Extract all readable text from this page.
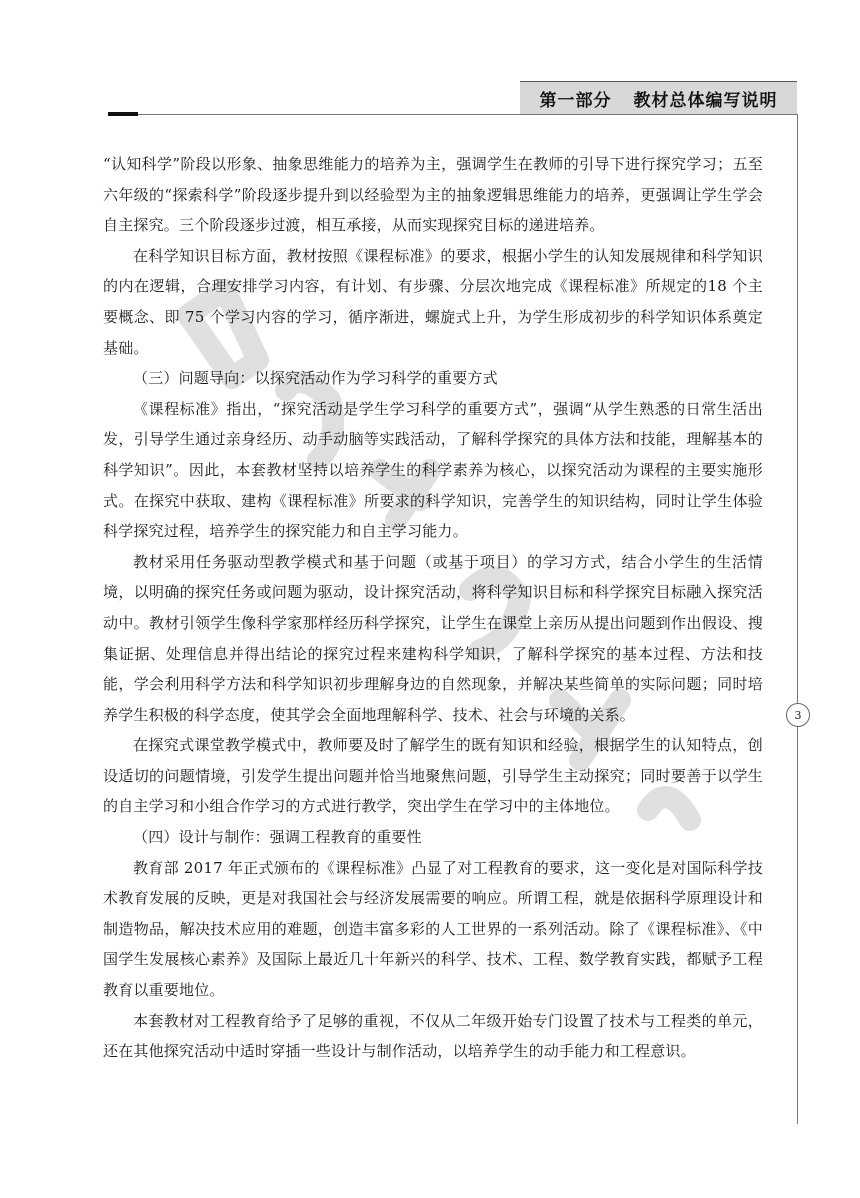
第一部分 教材总体编写说明
3

“认知科学”阶段以形象、抽象思维能力的培养为主，强调学生在教师的引导下进行探究学习；五至六年级的“探索科学”阶段逐步提升到以经验型为主的抽象逻辑思维能力的培养，更强调让学生学会自主探究。三个阶段逐步过渡，相互承接，从而实现探究目标的递进培养。

在科学知识目标方面，教材按照《课程标准》的要求，根据小学生的认知发展规律和科学知识的内在逻辑，合理安排学习内容，有计划、有步骤、分层次地完成《课程标准》所规定的18 个主要概念、即 75 个学习内容的学习，循序渐进，螺旋式上升，为学生形成初步的科学知识体系奠定基础。

（三）问题导向：以探究活动作为学习科学的重要方式

《课程标准》指出，“探究活动是学生学习科学的重要方式”，强调“从学生熟悉的日常生活出发，引导学生通过亲身经历、动手动脑等实践活动，了解科学探究的具体方法和技能，理解基本的科学知识”。因此，本套教材坚持以培养学生的科学素养为核心，以探究活动为课程的主要实施形式。在探究中获取、建构《课程标准》所要求的科学知识，完善学生的知识结构，同时让学生体验科学探究过程，培养学生的探究能力和自主学习能力。

教材采用任务驱动型教学模式和基于问题（或基于项目）的学习方式，结合小学生的生活情境，以明确的探究任务或问题为驱动，设计探究活动，将科学知识目标和科学探究目标融入探究活动中。教材引领学生像科学家那样经历科学探究，让学生在课堂上亲历从提出问题到作出假设、搜集证据、处理信息并得出结论的探究过程来建构科学知识，了解科学探究的基本过程、方法和技能，学会利用科学方法和科学知识初步理解身边的自然现象，并解决某些简单的实际问题；同时培养学生积极的科学态度，使其学会全面地理解科学、技术、社会与环境的关系。

在探究式课堂教学模式中，教师要及时了解学生的既有知识和经验，根据学生的认知特点，创设适切的问题情境，引发学生提出问题并恰当地聚焦问题，引导学生主动探究；同时要善于以学生的自主学习和小组合作学习的方式进行教学，突出学生在学习中的主体地位。

（四）设计与制作：强调工程教育的重要性

教育部 2017 年正式颁布的《课程标准》凸显了对工程教育的要求，这一变化是对国际科学技术教育发展的反映，更是对我国社会与经济发展需要的响应。所谓工程，就是依据科学原理设计和制造物品，解决技术应用的难题，创造丰富多彩的人工世界的一系列活动。除了《课程标准》、《中国学生发展核心素养》及国际上最近几十年新兴的科学、技术、工程、数学教育实践，都赋予工程教育以重要地位。

本套教材对工程教育给予了足够的重视，不仅从二年级开始专门设置了技术与工程类的单元，还在其他探究活动中适时穿插一些设计与制作活动，以培养学生的动手能力和工程意识。
